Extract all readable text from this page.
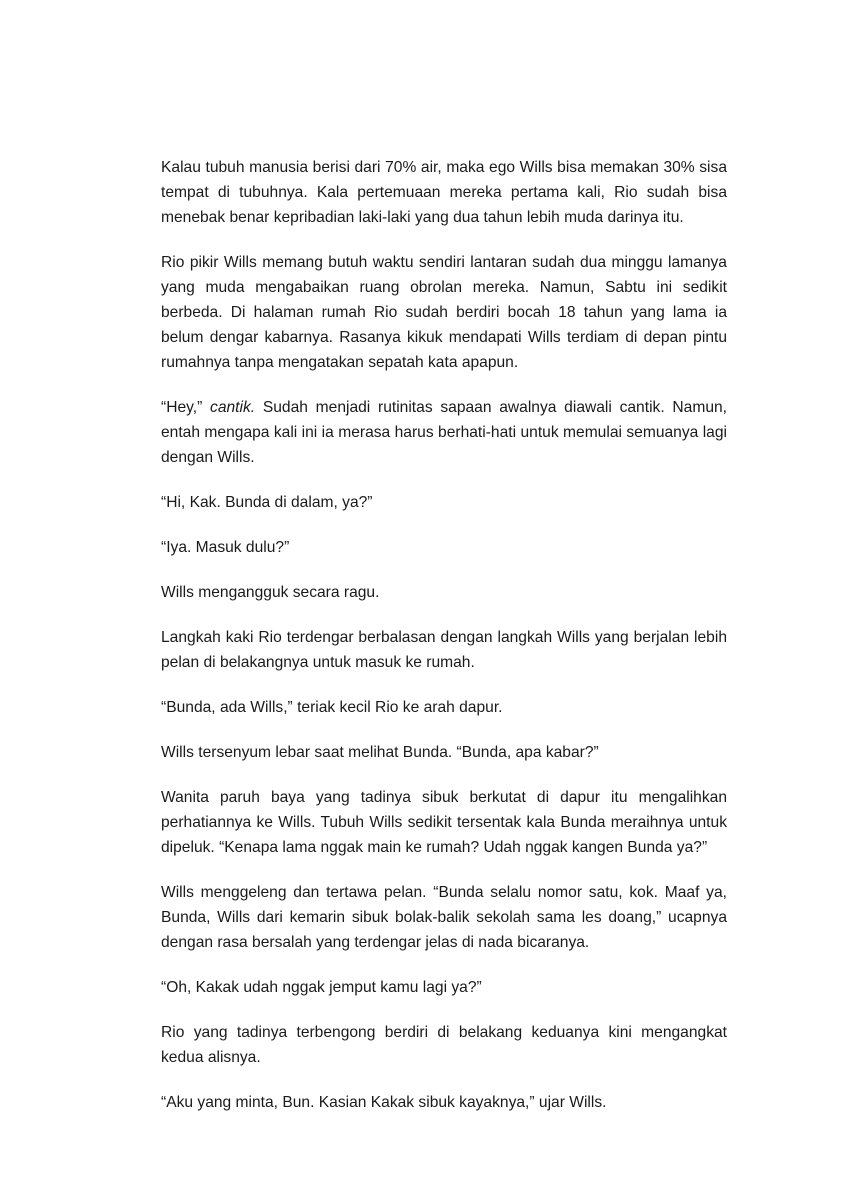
Kalau tubuh manusia berisi dari 70% air, maka ego Wills bisa memakan 30% sisa tempat di tubuhnya. Kala pertemuaan mereka pertama kali, Rio sudah bisa menebak benar kepribadian laki-laki yang dua tahun lebih muda darinya itu.

Rio pikir Wills memang butuh waktu sendiri lantaran sudah dua minggu lamanya yang muda mengabaikan ruang obrolan mereka. Namun, Sabtu ini sedikit berbeda. Di halaman rumah Rio sudah berdiri bocah 18 tahun yang lama ia belum dengar kabarnya. Rasanya kikuk mendapati Wills terdiam di depan pintu rumahnya tanpa mengatakan sepatah kata apapun.

“Hey,” cantik. Sudah menjadi rutinitas sapaan awalnya diawali cantik. Namun, entah mengapa kali ini ia merasa harus berhati-hati untuk memulai semuanya lagi dengan Wills.

“Hi, Kak. Bunda di dalam, ya?”

“Iya. Masuk dulu?”

Wills mengangguk secara ragu.

Langkah kaki Rio terdengar berbalasan dengan langkah Wills yang berjalan lebih pelan di belakangnya untuk masuk ke rumah.

“Bunda, ada Wills,” teriak kecil Rio ke arah dapur.

Wills tersenyum lebar saat melihat Bunda. “Bunda, apa kabar?”

Wanita paruh baya yang tadinya sibuk berkutat di dapur itu mengalihkan perhatiannya ke Wills. Tubuh Wills sedikit tersentak kala Bunda meraihnya untuk dipeluk. “Kenapa lama nggak main ke rumah? Udah nggak kangen Bunda ya?”

Wills menggeleng dan tertawa pelan. “Bunda selalu nomor satu, kok. Maaf ya, Bunda, Wills dari kemarin sibuk bolak-balik sekolah sama les doang,” ucapnya dengan rasa bersalah yang terdengar jelas di nada bicaranya.

“Oh, Kakak udah nggak jemput kamu lagi ya?”

Rio yang tadinya terbengong berdiri di belakang keduanya kini mengangkat kedua alisnya.

“Aku yang minta, Bun. Kasian Kakak sibuk kayaknya,” ujar Wills.
